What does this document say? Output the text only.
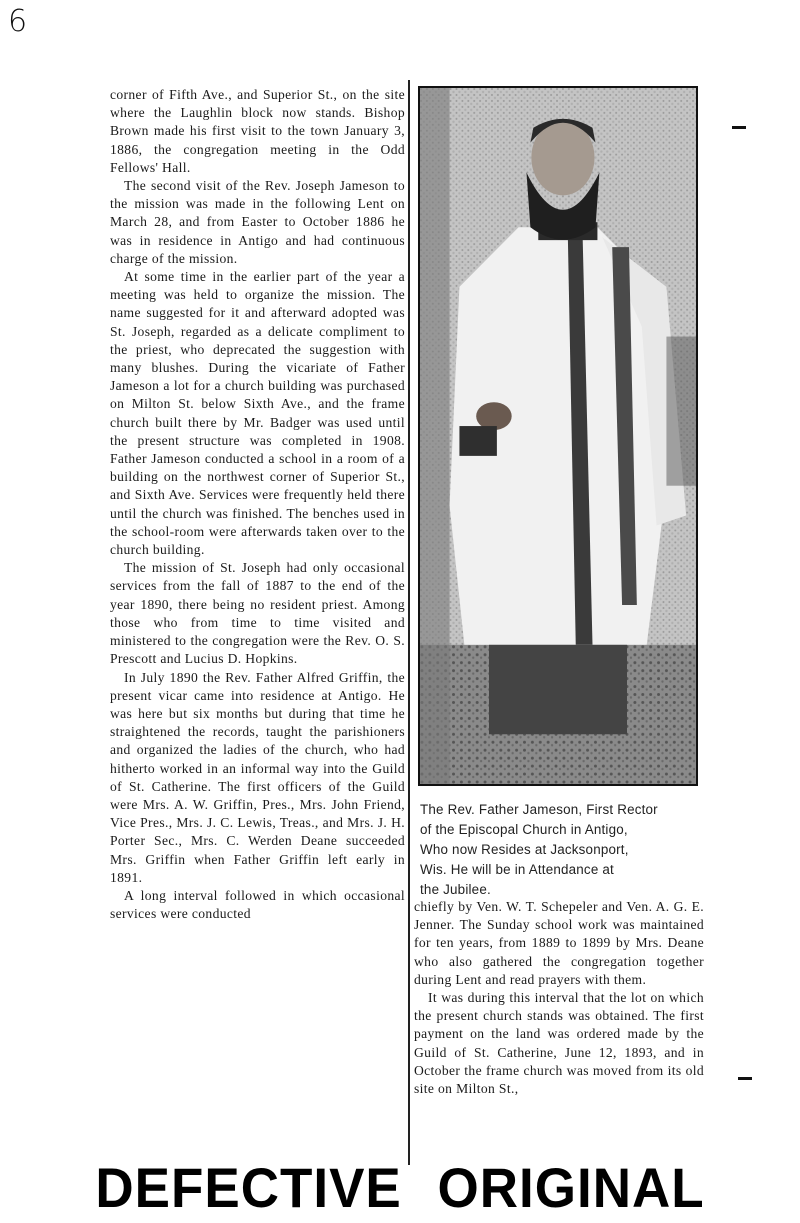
6

corner of Fifth Ave., and Superior St., on the site where the Laughlin block now stands. Bishop Brown made his first visit to the town January 3, 1886, the congregation meeting in the Odd Fellows' Hall.

The second visit of the Rev. Joseph Jameson to the mission was made in the following Lent on March 28, and from Easter to October 1886 he was in residence in Antigo and had continuous charge of the mission.

At some time in the earlier part of the year a meeting was held to organize the mission. The name suggested for it and afterward adopted was St. Joseph, regarded as a delicate compliment to the priest, who deprecated the suggestion with many blushes. During the vicariate of Father Jameson a lot for a church building was purchased on Milton St. below Sixth Ave., and the frame church built there by Mr. Badger was used until the present structure was completed in 1908. Father Jameson conducted a school in a room of a building on the northwest corner of Superior St., and Sixth Ave. Services were frequently held there until the church was finished. The benches used in the school-room were afterwards taken over to the church building.

The mission of St. Joseph had only occasional services from the fall of 1887 to the end of the year 1890, there being no resident priest. Among those who from time to time visited and ministered to the congregation were the Rev. O. S. Prescott and Lucius D. Hopkins.

In July 1890 the Rev. Father Alfred Griffin, the present vicar came into residence at Antigo. He was here but six months but during that time he straightened the records, taught the parishioners and organized the ladies of the church, who had hitherto worked in an informal way into the Guild of St. Catherine. The first officers of the Guild were Mrs. A. W. Griffin, Pres., Mrs. John Friend, Vice Pres., Mrs. J. C. Lewis, Treas., and Mrs. J. H. Porter Sec., Mrs. C. Werden Deane succeeded Mrs. Griffin when Father Griffin left early in 1891.

A long interval followed in which occasional services were conducted

The Rev. Father Jameson, First Rector
of the Episcopal Church in Antigo,
Who now Resides at Jacksonport,
Wis. He will be in Attendance at
the Jubilee.

chiefly by Ven. W. T. Schepeler and Ven. A. G. E. Jenner. The Sunday school work was maintained for ten years, from 1889 to 1899 by Mrs. Deane who also gathered the congregation together during Lent and read prayers with them.

It was during this interval that the lot on which the present church stands was obtained. The first payment on the land was ordered made by the Guild of St. Catherine, June 12, 1893, and in October the frame church was moved from its old site on Milton St.,

DEFECTIVE ORIGINAL
